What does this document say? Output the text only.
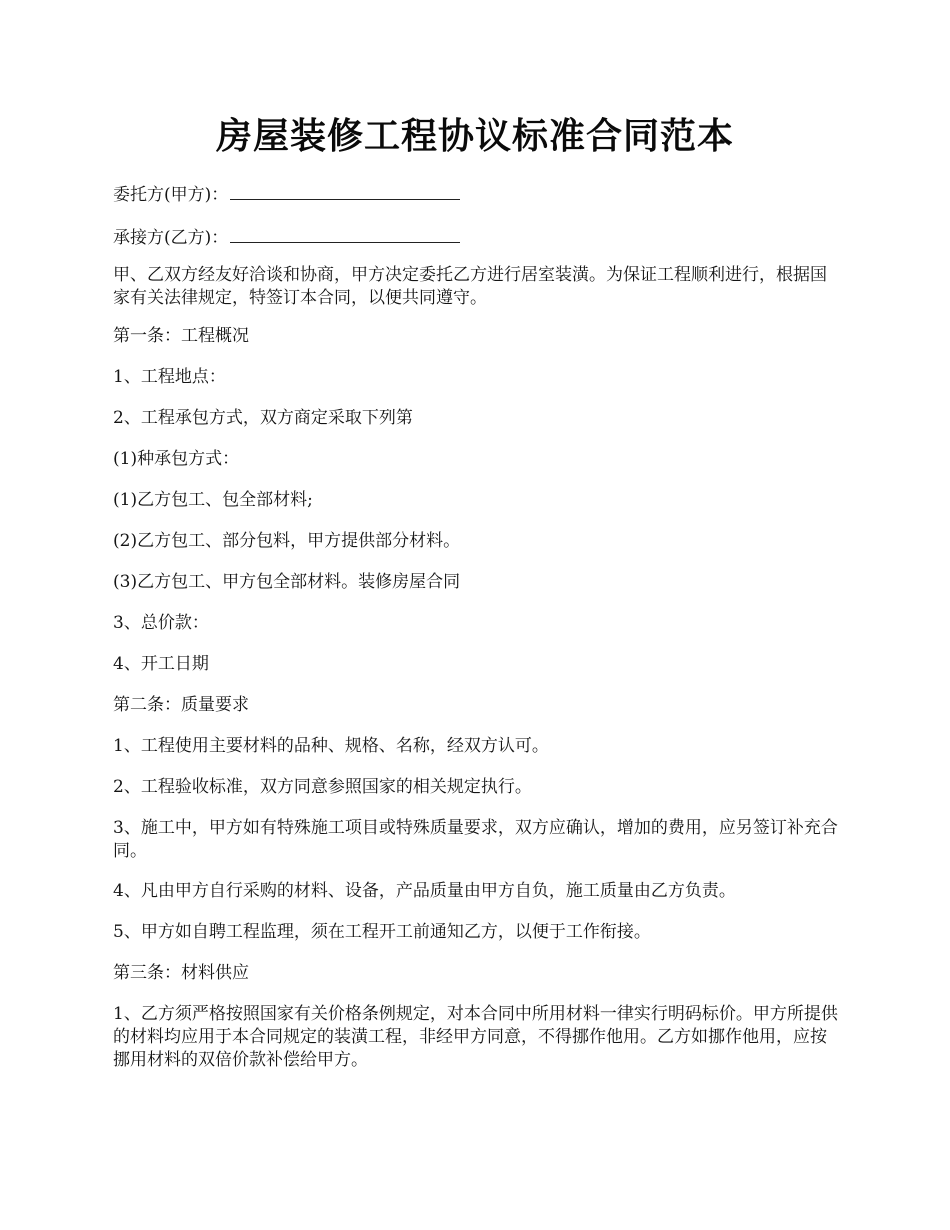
房屋装修工程协议标准合同范本

委托方(甲方)：

承接方(乙方)：

甲、乙双方经友好洽谈和协商，甲方决定委托乙方进行居室装潢。为保证工程顺利进行，根据国家有关法律规定，特签订本合同，以便共同遵守。

第一条：工程概况

1、工程地点：

2、工程承包方式，双方商定采取下列第

(1)种承包方式：

(1)乙方包工、包全部材料;

(2)乙方包工、部分包料，甲方提供部分材料。

(3)乙方包工、甲方包全部材料。装修房屋合同

3、总价款：

4、开工日期

第二条：质量要求

1、工程使用主要材料的品种、规格、名称，经双方认可。

2、工程验收标准，双方同意参照国家的相关规定执行。

3、施工中，甲方如有特殊施工项目或特殊质量要求，双方应确认，增加的费用，应另签订补充合同。

4、凡由甲方自行采购的材料、设备，产品质量由甲方自负，施工质量由乙方负责。

5、甲方如自聘工程监理，须在工程开工前通知乙方，以便于工作衔接。

第三条：材料供应

1、乙方须严格按照国家有关价格条例规定，对本合同中所用材料一律实行明码标价。甲方所提供的材料均应用于本合同规定的装潢工程，非经甲方同意，不得挪作他用。乙方如挪作他用，应按挪用材料的双倍价款补偿给甲方。
